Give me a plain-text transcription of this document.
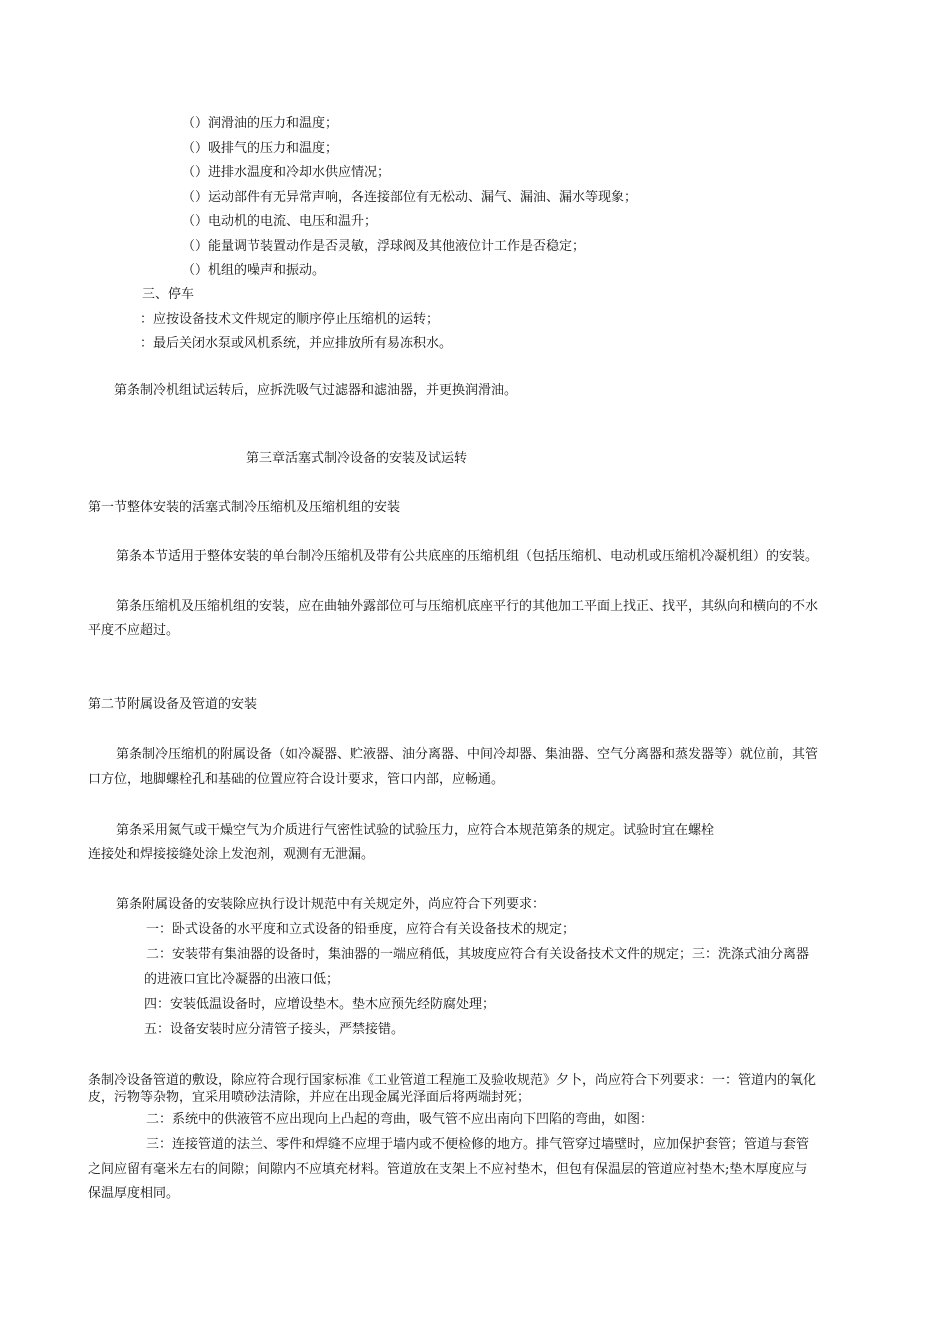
（）润滑油的压力和温度；
（）吸排气的压力和温度；
（）进排水温度和冷却水供应情况；
（）运动部件有无异常声响，各连接部位有无松动、漏气、漏油、漏水等现象；
（）电动机的电流、电压和温升；
（）能量调节装置动作是否灵敏，浮球阀及其他液位计工作是否稳定；
（）机组的噪声和振动。
三、停车
：应按设备技术文件规定的顺序停止压缩机的运转；
：最后关闭水泵或风机系统，并应排放所有易冻积水。
第条制冷机组试运转后，应拆洗吸气过滤器和滤油器，并更换润滑油。
第三章活塞式制冷设备的安装及试运转
第一节整体安装的活塞式制冷压缩机及压缩机组的安装
第条本节适用于整体安装的单台制冷压缩机及带有公共底座的压缩机组（包括压缩机、电动机或压缩机冷凝机组）的安装。
第条压缩机及压缩机组的安装，应在曲轴外露部位可与压缩机底座平行的其他加工平面上找正、找平，其纵向和横向的不水
平度不应超过。
第二节附属设备及管道的安装
第条制冷压缩机的附属设备（如冷凝器、贮液器、油分离器、中间冷却器、集油器、空气分离器和蒸发器等）就位前，其管
口方位，地脚螺栓孔和基础的位置应符合设计要求，管口内部，应畅通。
第条采用氮气或干燥空气为介质进行气密性试验的试验压力，应符合本规范第条的规定。试验时宜在螺栓
连接处和焊接接缝处涂上发泡剂，观测有无泄漏。
第条附属设备的安装除应执行设计规范中有关规定外，尚应符合下列要求：
一：卧式设备的水平度和立式设备的铅垂度，应符合有关设备技术的规定；
二：安装带有集油器的设备时，集油器的一端应稍低，其坡度应符合有关设备技术文件的规定；三：洗涤式油分离器
的进液口宜比冷凝器的出液口低；
四：安装低温设备时，应增设垫木。垫木应预先经防腐处理；
五：设备安装时应分清管子接头，严禁接错。
条制冷设备管道的敷设，除应符合现行国家标准《工业管道工程施工及验收规范》夕卜，尚应符合下列要求：一：管道内的氧化
皮，污物等杂物，宜采用喷砂法清除，并应在出现金属光泽面后将两端封死；
二：系统中的供液管不应出现向上凸起的弯曲，吸气管不应出南向下凹陷的弯曲，如图：
三：连接管道的法兰、零件和焊缝不应埋于墙内或不便检修的地方。排气管穿过墙壁时，应加保护套管；管道与套管
之间应留有毫米左右的间隙；间隙内不应填充材料。管道放在支架上不应衬垫木，但包有保温层的管道应衬垫木;垫木厚度应与
保温厚度相同。
